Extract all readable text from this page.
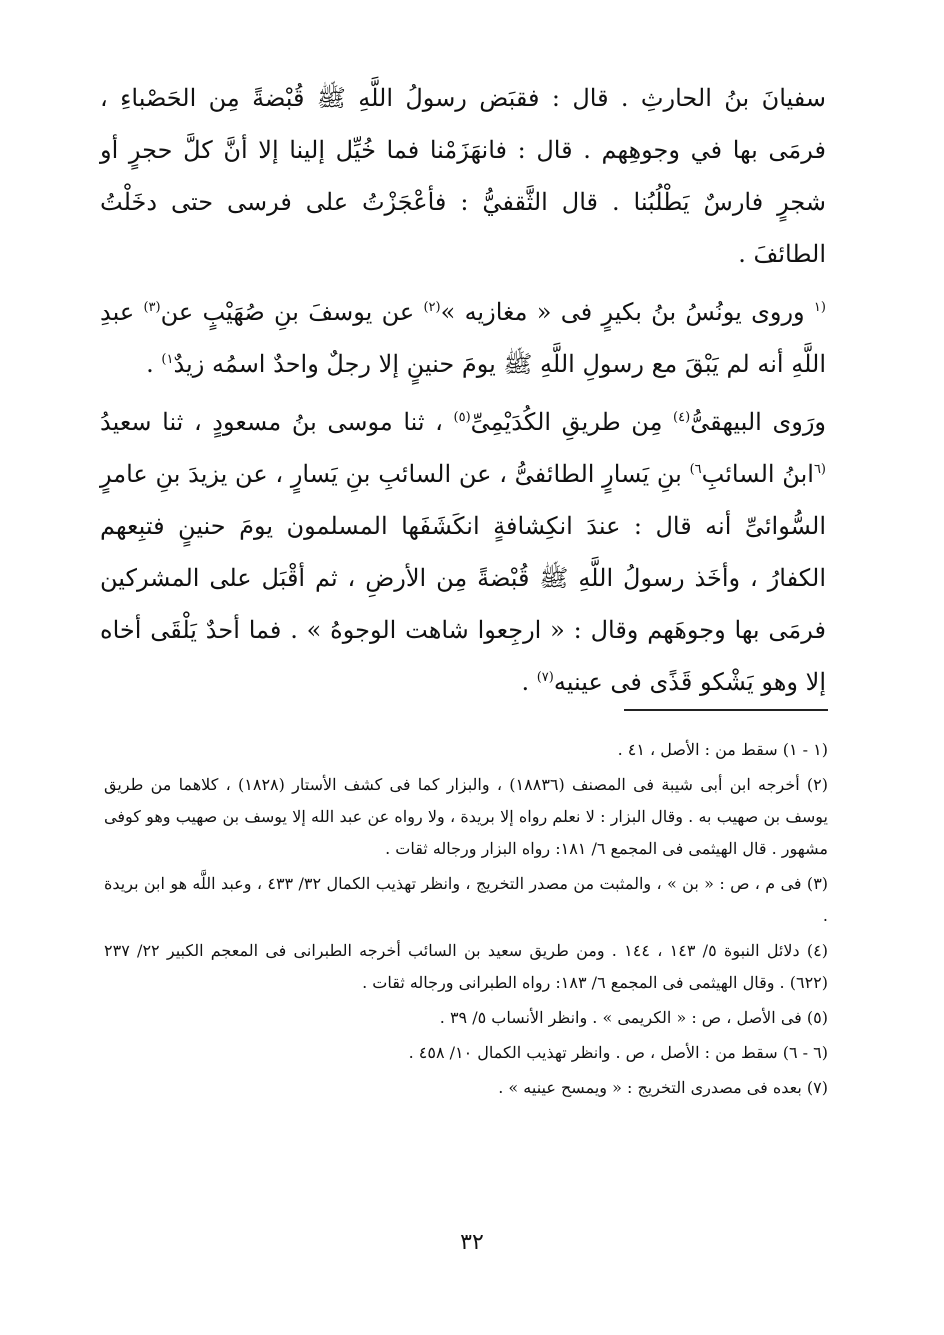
سفيانَ بنُ الحارثِ . قال : فقبَض رسولُ اللَّهِ ﷺ قُبْضةً مِن الحَصْباءِ ، فرمَى بها في وجوهِهم . قال : فانهَزَمْنا فما خُيِّل إلينا إلا أنَّ كلَّ حجرٍ أو شجرٍ فارسٌ يَطْلُبُنا . قال الثَّقفيُّ : فأعْجَزْتُ على فرسى حتى دخَلْتُ الطائفَ .

$^{(١}$ وروى يونُسُ بنُ بكيرٍ فى « مغازيه »$^{(٢)}$ عن يوسفَ بنِ صُهَيْبٍ عن$^{(٣)}$ عبدِ اللَّهِ أنه لم يَبْقَ مع رسولِ اللَّهِ ﷺ يومَ حنينٍ إلا رجلٌ واحدٌ اسمُه زيدٌ$^{١)}$ .

ورَوى البيهقىُّ$^{(٤)}$ مِن طريقِ الكُدَيْمِىِّ$^{(٥)}$ ، ثنا موسى بنُ مسعودٍ ، ثنا سعيدُ $^{(٦}$ابنُ السائبِ$^{٦)}$ بنِ يَسارٍ الطائفىُّ ، عن السائبِ بنِ يَسارٍ ، عن يزيدَ بنِ عامرٍ السُّوائىِّ أنه قال : عندَ انكِشافةٍ انكَشَفَها المسلمون يومَ حنينٍ فتبِعهم الكفارُ ، وأخَذ رسولُ اللَّهِ ﷺ قُبْضةً مِن الأرضِ ، ثم أقْبَل على المشركين فرمَى بها وجوهَهم وقال : « ارجِعوا شاهت الوجوهُ » . فما أحدٌ يَلْقَى أخاه إلا وهو يَشْكو قَذًى فى عينيه$^{(٧)}$ .

(١ - ١) سقط من : الأصل ، ٤١ .

(٢) أخرجه ابن أبى شيبة فى المصنف (١٨٨٣٦) ، والبزار كما فى كشف الأستار (١٨٢٨) ، كلاهما من طريق يوسف بن صهيب به . وقال البزار : لا نعلم رواه إلا بريدة ، ولا رواه عن عبد الله إلا يوسف بن صهيب وهو كوفى مشهور . قال الهيثمى فى المجمع ٦/ ١٨١: رواه البزار ورجاله ثقات .

(٣) فى م ، ص : « بن » ، والمثبت من مصدر التخريج ، وانظر تهذيب الكمال ٣٢/ ٤٣٣ ، وعبد اللَّه هو ابن بريدة .

(٤) دلائل النبوة ٥/ ١٤٣ ، ١٤٤ . ومن طريق سعيد بن السائب أخرجه الطبرانى فى المعجم الكبير ٢٢/ ٢٣٧ (٦٢٢) . وقال الهيثمى فى المجمع ٦/ ١٨٣: رواه الطبرانى ورجاله ثقات .

(٥) فى الأصل ، ص : « الكريمى » . وانظر الأنساب ٥/ ٣٩ .

(٦ - ٦) سقط من : الأصل ، ص . وانظر تهذيب الكمال ١٠/ ٤٥٨ .

(٧) بعده فى مصدرى التخريج : « ويمسح عينيه » .

٣٢
